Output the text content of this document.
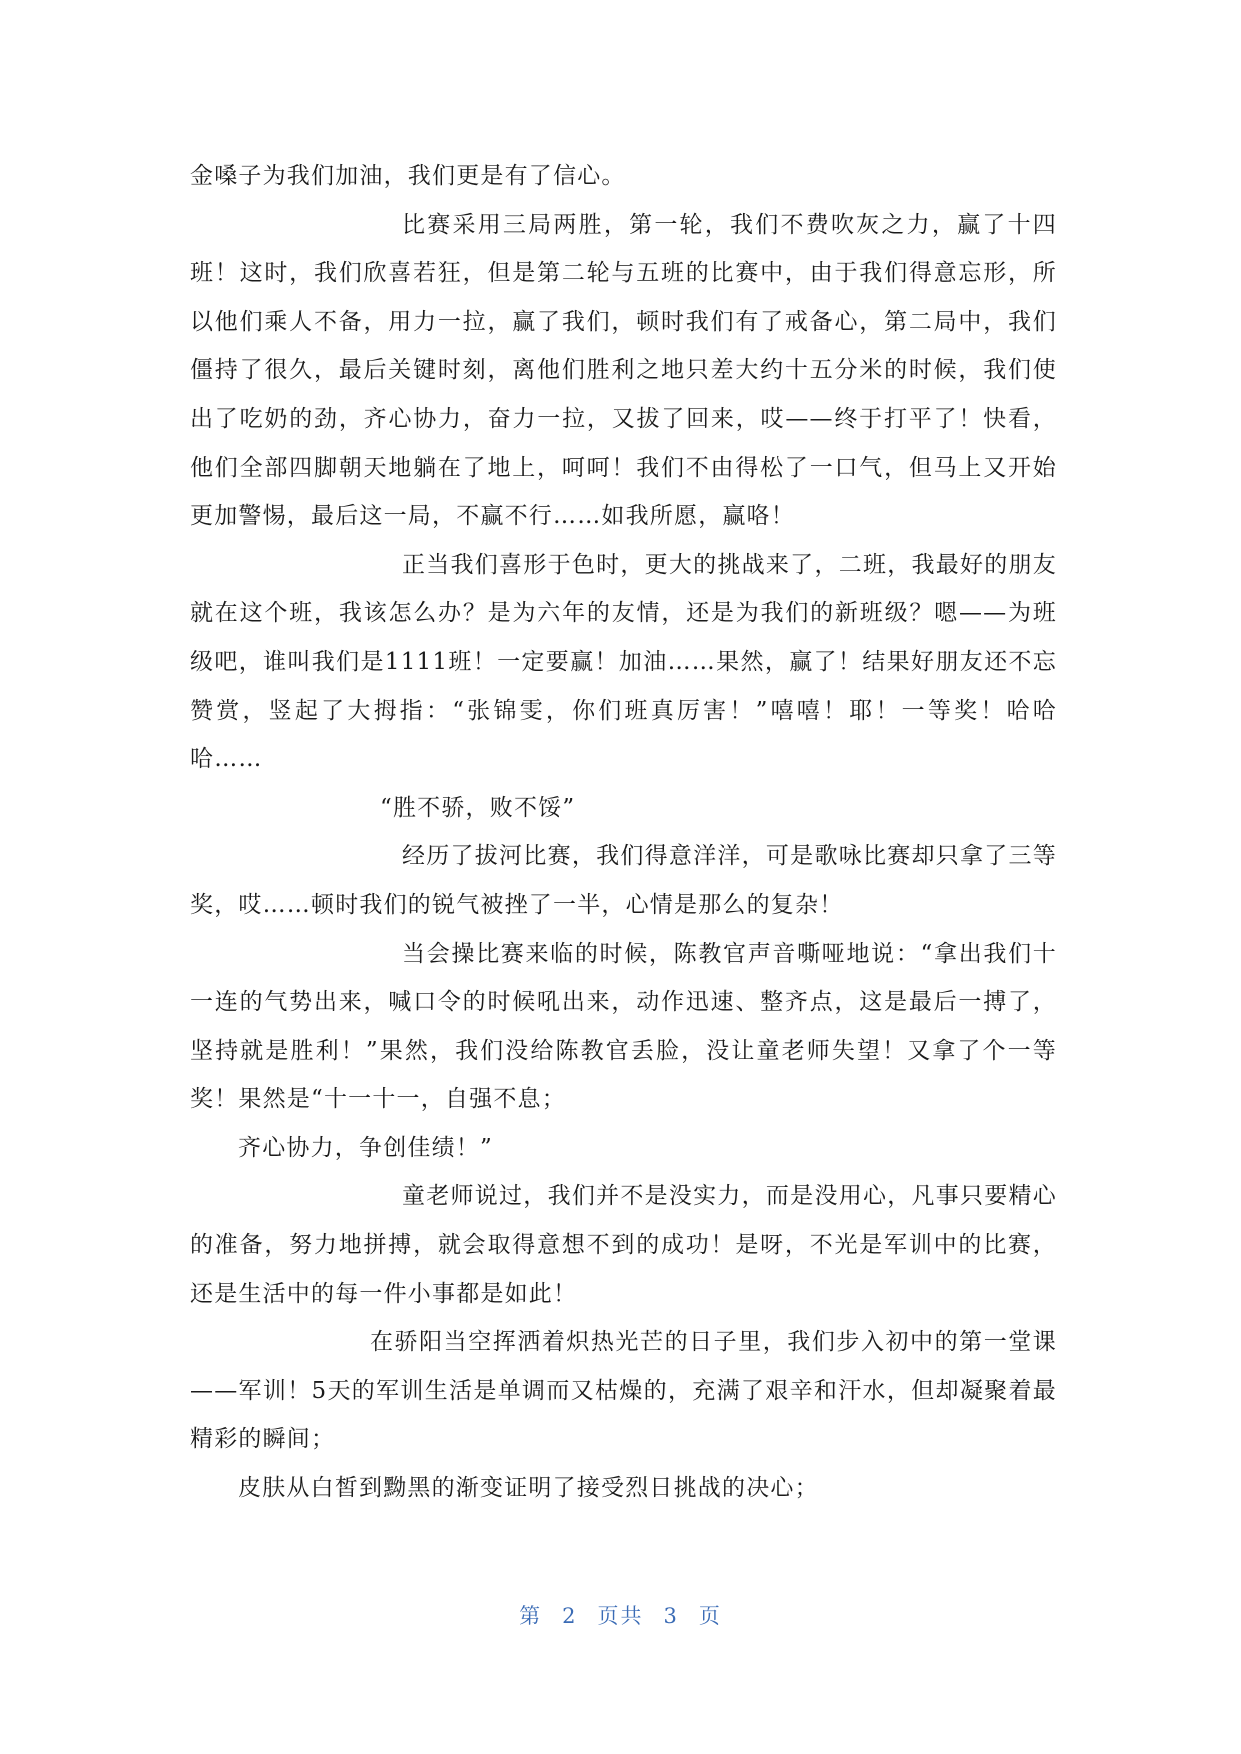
金嗓子为我们加油，我们更是有了信心。

比赛采用三局两胜，第一轮，我们不费吹灰之力，赢了十四班！这时，我们欣喜若狂，但是第二轮与五班的比赛中，由于我们得意忘形，所以他们乘人不备，用力一拉，赢了我们，顿时我们有了戒备心，第二局中，我们僵持了很久，最后关键时刻，离他们胜利之地只差大约十五分米的时候，我们使出了吃奶的劲，齐心协力，奋力一拉，又拔了回来，哎——终于打平了！快看，他们全部四脚朝天地躺在了地上，呵呵！我们不由得松了一口气，但马上又开始更加警惕，最后这一局，不赢不行……如我所愿，赢咯！

正当我们喜形于色时，更大的挑战来了，二班，我最好的朋友就在这个班，我该怎么办？是为六年的友情，还是为我们的新班级？嗯——为班级吧，谁叫我们是1111班！一定要赢！加油……果然，赢了！结果好朋友还不忘赞赏，竖起了大拇指：“张锦雯，你们班真厉害！”嘻嘻！耶！一等奖！哈哈哈……

“胜不骄，败不馁”

经历了拔河比赛，我们得意洋洋，可是歌咏比赛却只拿了三等奖，哎……顿时我们的锐气被挫了一半，心情是那么的复杂！

当会操比赛来临的时候，陈教官声音嘶哑地说：“拿出我们十一连的气势出来，喊口令的时候吼出来，动作迅速、整齐点，这是最后一搏了，坚持就是胜利！”果然，我们没给陈教官丢脸，没让童老师失望！又拿了个一等奖！果然是“十一十一，自强不息；

齐心协力，争创佳绩！”

童老师说过，我们并不是没实力，而是没用心，凡事只要精心的准备，努力地拼搏，就会取得意想不到的成功！是呀，不光是军训中的比赛，还是生活中的每一件小事都是如此！

在骄阳当空挥洒着炽热光芒的日子里，我们步入初中的第一堂课——军训！5天的军训生活是单调而又枯燥的，充满了艰辛和汗水，但却凝聚着最精彩的瞬间；

皮肤从白皙到黝黑的渐变证明了接受烈日挑战的决心；

第 2 页共 3 页
